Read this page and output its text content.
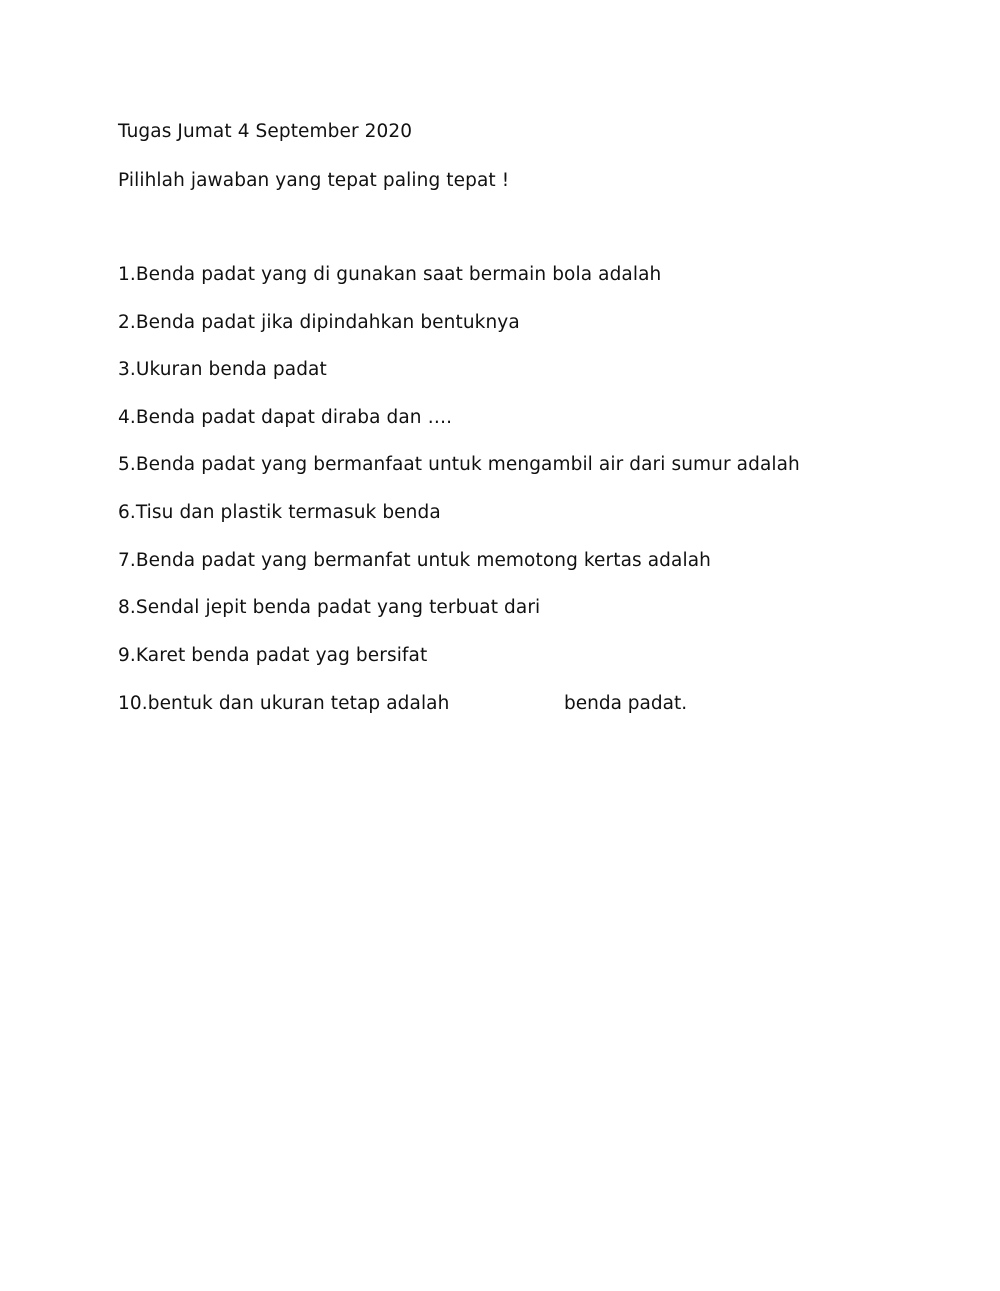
Tugas Jumat 4 September 2020
Pilihlah jawaban yang tepat paling tepat !
1.Benda padat yang di gunakan saat bermain bola adalah
2.Benda padat jika dipindahkan bentuknya
3.Ukuran benda padat
4.Benda padat dapat diraba dan ….
5.Benda padat yang bermanfaat untuk mengambil air dari sumur adalah
6.Tisu dan plastik termasuk benda
7.Benda padat yang bermanfat untuk memotong kertas adalah
8.Sendal jepit benda padat yang terbuat dari
9.Karet benda padat yag bersifat
10.bentuk dan ukuran tetap adalah	benda padat.
